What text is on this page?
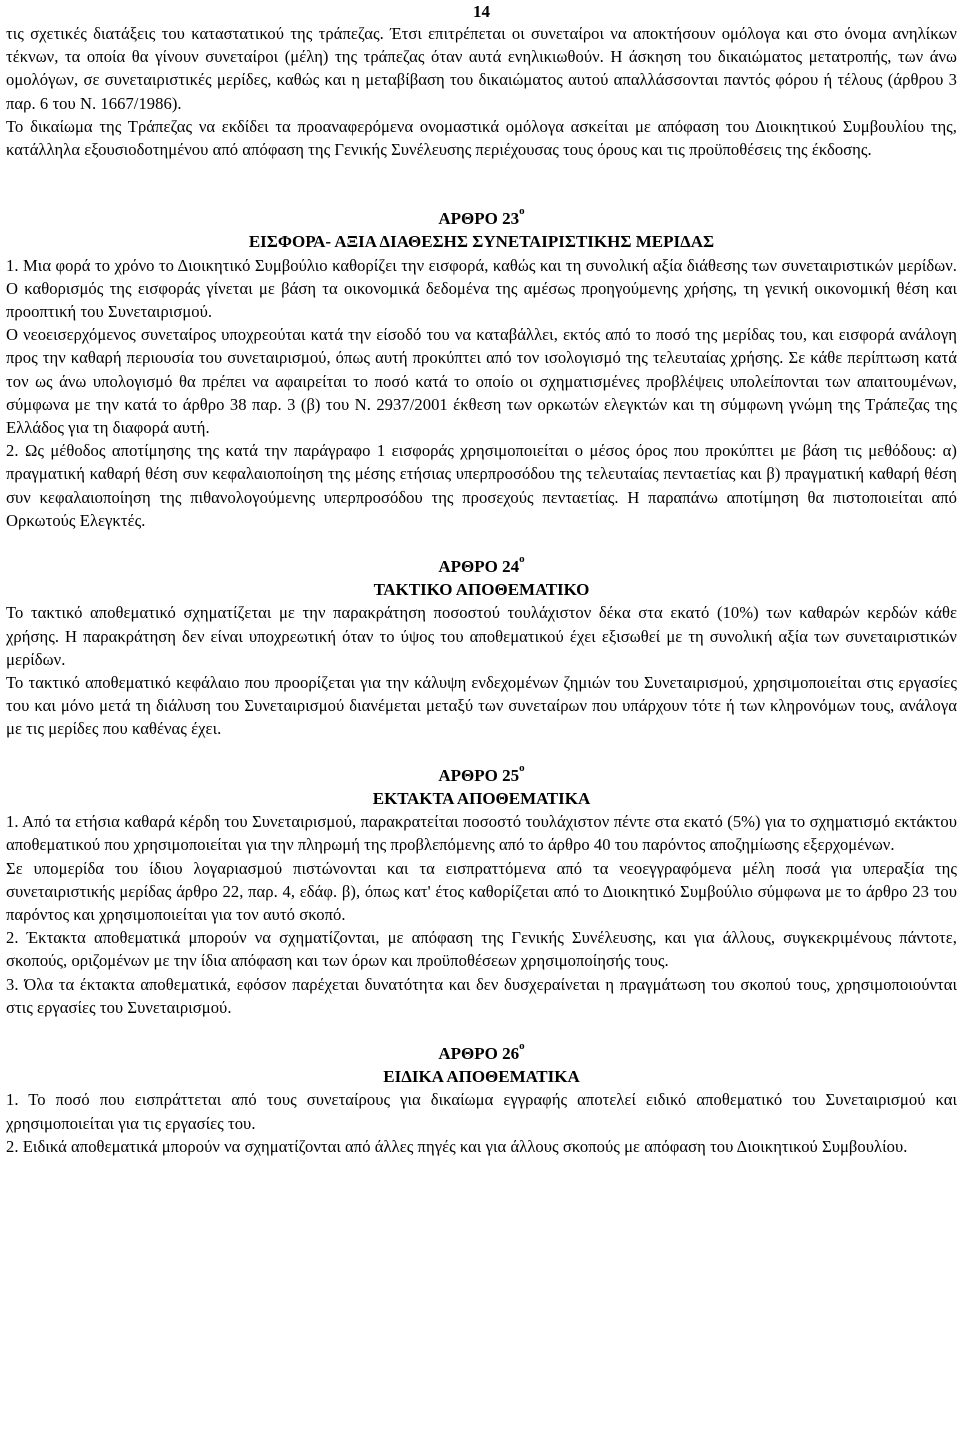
14

τις σχετικές διατάξεις του καταστατικού της τράπεζας. Έτσι επιτρέπεται οι συνεταίροι να αποκτήσουν ομόλογα και στο όνομα ανηλίκων τέκνων, τα οποία θα γίνουν συνεταίροι (μέλη) της τράπεζας όταν αυτά ενηλικιωθούν. Η άσκηση του δικαιώματος μετατροπής, των άνω ομολόγων, σε συνεταιριστικές μερίδες, καθώς και η μεταβίβαση του δικαιώματος αυτού απαλλάσσονται παντός φόρου ή τέλους (άρθρου 3 παρ. 6 του Ν. 1667/1986).

Το δικαίωμα της Τράπεζας να εκδίδει τα προαναφερόμενα ονομαστικά ομόλογα ασκείται με απόφαση του Διοικητικού Συμβουλίου της, κατάλληλα εξουσιοδοτημένου από απόφαση της Γενικής Συνέλευσης περιέχουσας τους όρους και τις προϋποθέσεις της έκδοσης.

ΑΡΘΡΟ $23^o$

ΕΙΣΦΟΡΑ- ΑΞΙΑ ΔΙΑΘΕΣΗΣ ΣΥΝΕΤΑΙΡΙΣΤΙΚΗΣ ΜΕΡΙΔΑΣ

1. Μια φορά το χρόνο το Διοικητικό Συμβούλιο καθορίζει την εισφορά, καθώς και τη συνολική αξία διάθεσης των συνεταιριστικών μερίδων. Ο καθορισμός της εισφοράς γίνεται με βάση τα οικονομικά δεδομένα της αμέσως προηγούμενης χρήσης, τη γενική οικονομική θέση και προοπτική του Συνεταιρισμού.

Ο νεοεισερχόμενος συνεταίρος υποχρεούται κατά την είσοδό του να καταβάλλει, εκτός από το ποσό της μερίδας του, και εισφορά ανάλογη προς την καθαρή περιουσία του συνεταιρισμού, όπως αυτή προκύπτει από τον ισολογισμό της τελευταίας χρήσης. Σε κάθε περίπτωση κατά τον ως άνω υπολογισμό θα πρέπει να αφαιρείται το ποσό κατά το οποίο οι σχηματισμένες προβλέψεις υπολείπονται των απαιτουμένων, σύμφωνα με την κατά το άρθρο 38 παρ. 3 (β) του Ν. 2937/2001 έκθεση των ορκωτών ελεγκτών και τη σύμφωνη γνώμη της Τράπεζας της Ελλάδος για τη διαφορά αυτή.

2. Ως μέθοδος αποτίμησης της κατά την παράγραφο 1 εισφοράς χρησιμοποιείται ο μέσος όρος που προκύπτει με βάση τις μεθόδους: α) πραγματική καθαρή θέση συν κεφαλαιοποίηση της μέσης ετήσιας υπερπροσόδου της τελευταίας πενταετίας και β) πραγματική καθαρή θέση συν κεφαλαιοποίηση της πιθανολογούμενης υπερπροσόδου της προσεχούς πενταετίας. Η παραπάνω αποτίμηση θα πιστοποιείται από Ορκωτούς Ελεγκτές.

ΑΡΘΡΟ $24^o$

ΤΑΚΤΙΚΟ ΑΠΟΘΕΜΑΤΙΚΟ

Το τακτικό αποθεματικό σχηματίζεται με την παρακράτηση ποσοστού τουλάχιστον δέκα στα εκατό (10%) των καθαρών κερδών κάθε χρήσης. Η παρακράτηση δεν είναι υποχρεωτική όταν το ύψος του αποθεματικού έχει εξισωθεί με τη συνολική αξία των συνεταιριστικών μερίδων.

Το τακτικό αποθεματικό κεφάλαιο που προορίζεται για την κάλυψη ενδεχομένων ζημιών του Συνεταιρισμού, χρησιμοποιείται στις εργασίες του και μόνο μετά τη διάλυση του Συνεταιρισμού διανέμεται μεταξύ των συνεταίρων που υπάρχουν τότε ή των κληρονόμων τους, ανάλογα με τις μερίδες που καθένας έχει.

ΑΡΘΡΟ $25^o$

ΕΚΤΑΚΤΑ ΑΠΟΘΕΜΑΤΙΚΑ

1. Από τα ετήσια καθαρά κέρδη του Συνεταιρισμού, παρακρατείται ποσοστό τουλάχιστον πέντε στα εκατό (5%) για το σχηματισμό εκτάκτου αποθεματικού που χρησιμοποιείται για την πληρωμή της προβλεπόμενης από το άρθρο 40 του παρόντος αποζημίωσης εξερχομένων.

Σε υπομερίδα του ίδιου λογαριασμού πιστώνονται και τα εισπραττόμενα από τα νεοεγγραφόμενα μέλη ποσά για υπεραξία της συνεταιριστικής μερίδας άρθρο 22, παρ. 4, εδάφ. β), όπως κατ' έτος καθορίζεται από το Διοικητικό Συμβούλιο σύμφωνα με το άρθρο 23 του παρόντος και χρησιμοποιείται για τον αυτό σκοπό.

2. Έκτακτα αποθεματικά μπορούν να σχηματίζονται, με απόφαση της Γενικής Συνέλευσης, και για άλλους, συγκεκριμένους πάντοτε, σκοπούς, οριζομένων με την ίδια απόφαση και των όρων και προϋποθέσεων χρησιμοποίησής τους.

3. Όλα τα έκτακτα αποθεματικά, εφόσον παρέχεται δυνατότητα και δεν δυσχεραίνεται η πραγμάτωση του σκοπού τους, χρησιμοποιούνται στις εργασίες του Συνεταιρισμού.

ΑΡΘΡΟ $26^o$

ΕΙΔΙΚΑ ΑΠΟΘΕΜΑΤΙΚΑ

1. Το ποσό που εισπράττεται από τους συνεταίρους για δικαίωμα εγγραφής αποτελεί ειδικό αποθεματικό του Συνεταιρισμού και χρησιμοποιείται για τις εργασίες του.

2. Ειδικά αποθεματικά μπορούν να σχηματίζονται από άλλες πηγές και για άλλους σκοπούς με απόφαση του Διοικητικού Συμβουλίου.
